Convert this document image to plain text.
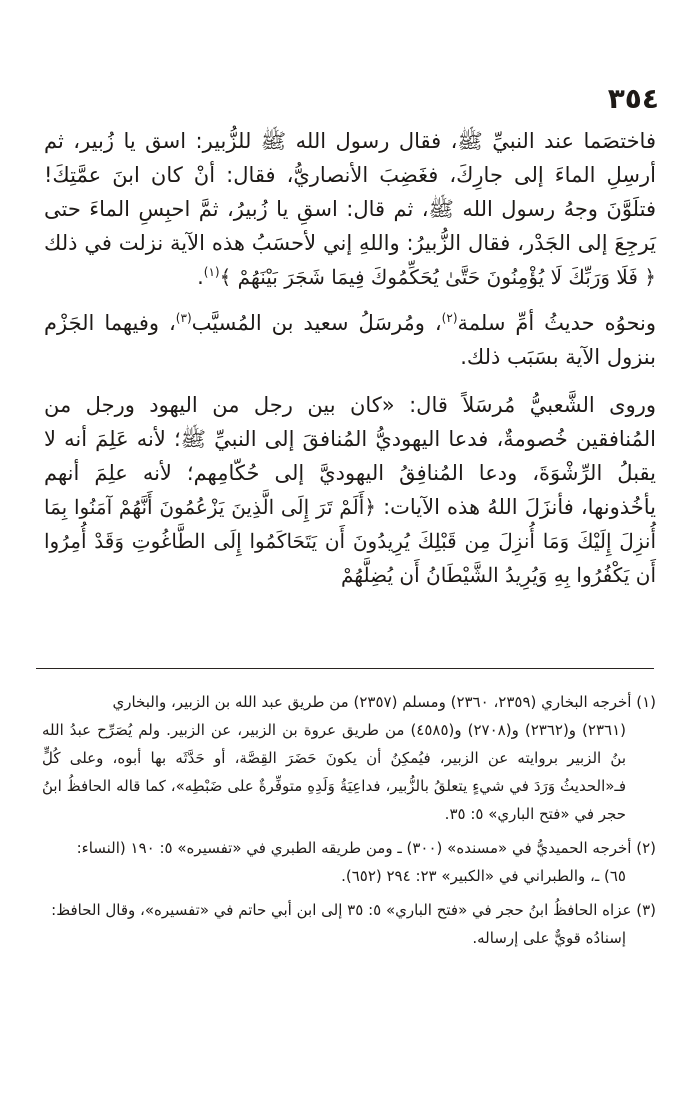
٣٥٤

فاختصَما عند النبيِّ ﷺ، فقال رسول الله ﷺ للزُّبير: اسق يا زُبير، ثم أرسِلِ الماءَ إلى جارِكَ، فغَضِبَ الأنصاريُّ، فقال: أنْ كان ابنَ عمَّتِكَ! فتلَوَّنَ وجهُ رسول الله ﷺ، ثم قال: اسقِ يا زُبيرُ، ثمَّ احبِسِ الماءَ حتى يَرجِعَ إلى الجَدْر، فقال الزُّبيرُ: واللهِ إني لأحسَبُ هذه الآية نزلت في ذلك ﴿ فَلَا وَرَبِّكَ لَا يُؤْمِنُونَ حَتَّىٰ يُحَكِّمُوكَ فِيمَا شَجَرَ بَيْنَهُمْ ﴾$^{(١)}$.

ونحوُه حديثُ أمِّ سلمة$^{(٢)}$، ومُرسَلُ سعيد بن المُسيَّب$^{(٣)}$، وفيهما الجَزْم بنزول الآية بسَبَب ذلك.

وروى الشَّعبيُّ مُرسَلاً قال: «كان بين رجل من اليهود ورجل من المُنافقين خُصومةٌ، فدعا اليهوديُّ المُنافقَ إلى النبيِّ ﷺ؛ لأنه عَلِمَ أنه لا يقبلُ الرِّشْوَةَ، ودعا المُنافِقُ اليهوديَّ إلى حُكّامِهم؛ لأنه علِمَ أنهم يأخُذونها، فأنزَلَ اللهُ هذه الآيات: ﴿أَلَمْ تَرَ إِلَى الَّذِينَ يَزْعُمُونَ أَنَّهُمْ آمَنُوا بِمَا أُنزِلَ إِلَيْكَ وَمَا أُنزِلَ مِن قَبْلِكَ يُرِيدُونَ أَن يَتَحَاكَمُوا إِلَى الطَّاغُوتِ وَقَدْ أُمِرُوا أَن يَكْفُرُوا بِهِ وَيُرِيدُ الشَّيْطَانُ أَن يُضِلَّهُمْ

(١) أخرجه البخاري (٢٣٥٩، ٢٣٦٠) ومسلم (٢٣٥٧) من طريق عبد الله بن الزبير، والبخاري
(٢٣٦١) و(٢٣٦٢) و(٢٧٠٨) و(٤٥٨٥) من طريق عروة بن الزبير، عن الزبير. ولم يُصَرِّح عبدُ الله بنُ الزبير بروايته عن الزبير، فيُمكِنُ أن يكونَ حَضَرَ القِصَّة، أو حَدَّثَه بها أبوه، وعلى كُلٍّ فـ«الحديثُ وَرَدَ في شيءٍ يتعلقُ بالزُّبير، فداعِيَةُ وَلَدِهِ متوفِّرةٌ على ضَبْطِه»، كما قاله الحافظُ ابنُ حجر في «فتح الباري» ٥: ٣٥.
(٢) أخرجه الحميديُّ في «مسنده» (٣٠٠) ـ ومن طريقه الطبري في «تفسيره» ٥: ١٩٠ (النساء:
٦٥) ـ، والطبراني في «الكبير» ٢٣: ٢٩٤ (٦٥٢).
(٣) عزاه الحافظُ ابنُ حجر في «فتح الباري» ٥: ٣٥ إلى ابن أبي حاتم في «تفسيره»، وقال الحافظ:
إسنادُه قويٌّ على إرساله.
